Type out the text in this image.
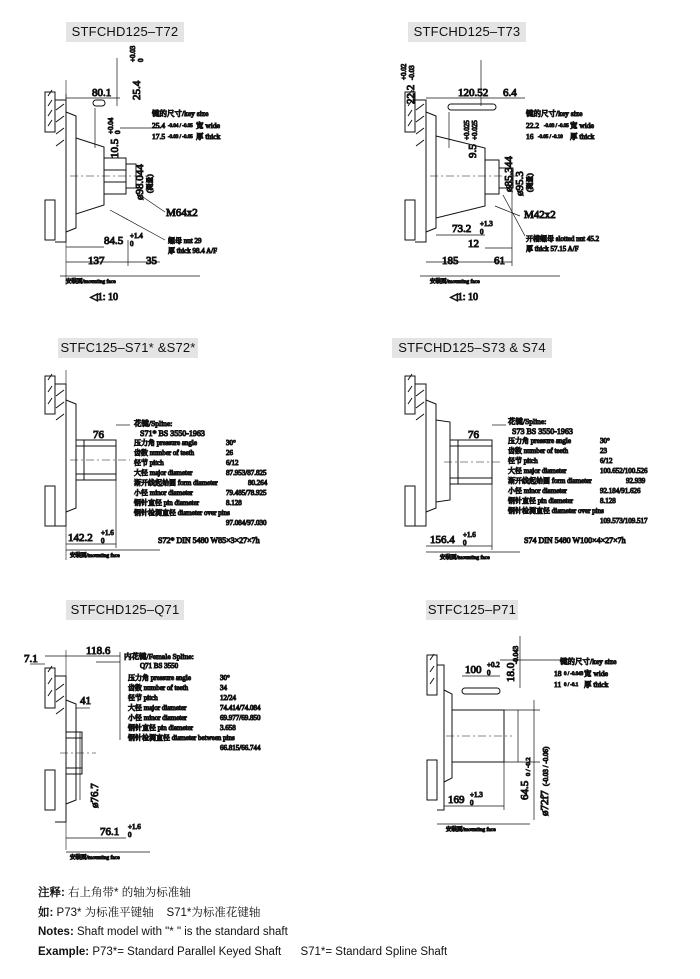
STFCHD125–T72
80.1 25.4
+0.03 0
10.5
+0.04 0
键的尺寸/key size
25.4 -0.04 / -0.05 宽 wide
17.5 -0.03 / -0.05 厚 thick
ø98.044 (测量)
M64x2
84.5 +1.4
0
137	35
螺母 nut 29
厚 thick 98.4 A/F
安装面/mounting face
◁1: 10
STFCHD125–T73
120.52 6.4
22.2
+0.02 -0.03
9.5
+0.025 +0.025
键的尺寸/key size
22.2 -0.03 / -0.05 宽 wide
16 -0.05 / -0.10 厚 thick
ø95.3
ø85.344 (测量)
M42x2
73.2 +1.3
0
12
185	61
开槽螺母 slotted nut 45.2
厚 thick 57.15 A/F
安装面/mounting face
◁1: 10
STFC125–S71* &S72*
76
花键/Spline:
S71* BS 3550-1963
压力角 pressure angle	30°
齿数 number of teeth	26
径节 pitch	6/12
大径 major diameter	87.953/87.825
渐开线起始圆 form diameter	80.264
小径 minor diameter	79.485/78.925
钢针直径 pin diameter	8.128
钢针检测直径 diameter over pins
97.084/97.030
S72* DIN 5480 W85×3×27×7h
142.2 +1.6
0
安装面/mounting face
STFCHD125–S73 & S74
76
花键/Spline:
S73 BS 3550-1963
压力角 pressure angle	30°
齿数 number of teeth	23
径节 pitch	6/12
大径 major diameter	100.652/100.526
渐开线起始圆 form diameter	92.939
小径 minor diameter	92.184/91.626
钢针直径 pin diameter	8.128
钢针检测直径 diameter over pins
109.573/109.517
S74 DIN 5480 W100×4×27×7h
156.4 +1.6
0
安装面/mounting face
STFCHD125–Q71
7.1
118.6
41
内花键/Female Spline:
Q71 BS 3550
压力角 pressure angle	30°
齿数 number of teeth	34
径节 pitch	12/24
大径 major diameter	74.414/74.084
小径 minor diameter	69.977/69.850
钢针直径 pin diameter	3.658
钢针检测直径 diameter between pins
66.815/66.744
ø76.7
76.1 +1.6
0
安装面/mounting face
STFC125–P71
100 +0.2
0 18.0
-0.043	键的尺寸/key size
18 0 / -0.043 宽 wide
11 0 / -0.1 厚 thick
64.5
0 / -0.2
ø72f7
(-0.03 / -0.06)
169 +1.3
0
安装面/mounting face
注释: 右上角带* 的轴为标准轴
如: P73* 为标准平键轴 S71*为标准花键轴
Notes: Shaft model with "* " is the standard shaft
Example: P73*= Standard Parallel Keyed Shaft S71*= Standard Spline Shaft
